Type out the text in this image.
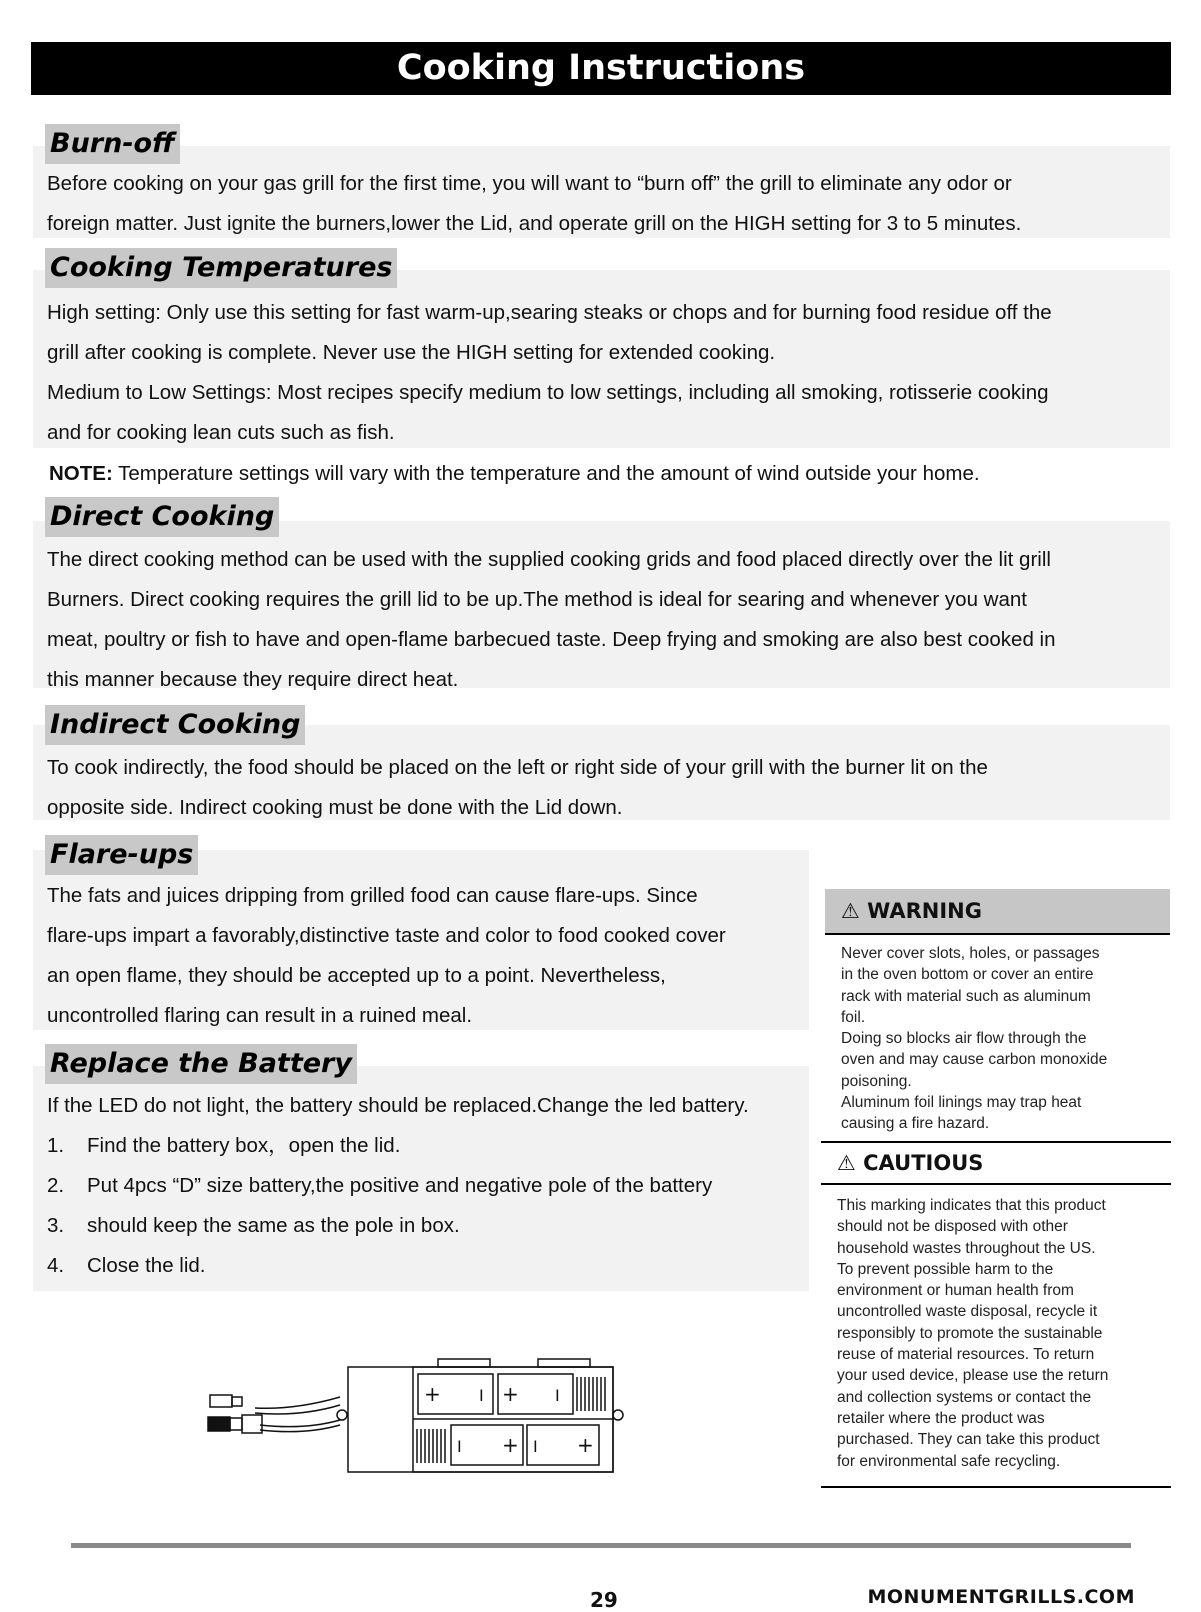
Cooking Instructions
Burn-off

Before cooking on your gas grill for the first time, you will want to “burn off” the grill to eliminate any odor or

foreign matter. Just ignite the burners,lower the Lid, and operate grill on the HIGH setting for 3 to 5 minutes.

Cooking Temperatures

High setting: Only use this setting for fast warm-up,searing steaks or chops and for burning food residue off the

grill after cooking is complete. Never use the HIGH setting for extended cooking.

Medium to Low Settings: Most recipes specify medium to low settings, including all smoking, rotisserie cooking

and for cooking lean cuts such as fish.

NOTE: Temperature settings will vary with the temperature and the amount of wind outside your home.
Direct Cooking

The direct cooking method can be used with the supplied cooking grids and food placed directly over the lit grill

Burners. Direct cooking requires the grill lid to be up.The method is ideal for searing and whenever you want

meat, poultry or fish to have and open-flame barbecued taste. Deep frying and smoking are also best cooked in

this manner because they require direct heat.

Indirect Cooking

To cook indirectly, the food should be placed on the left or right side of your grill with the burner lit on the

opposite side. Indirect cooking must be done with the Lid down.

Flare-ups

The fats and juices dripping from grilled food can cause flare-ups. Since

flare-ups impart a favorably,distinctive taste and color to food cooked cover

an open flame, they should be accepted up to a point. Nevertheless,

uncontrolled flaring can result in a ruined meal.

Replace the Battery

If the LED do not light, the battery should be replaced.Change the led battery.

1.	Find the battery box，open the lid.
2.	Put 4pcs “D” size battery,the positive and negative pole of the battery
3.	should keep the same as the pole in box.
4.	Close the lid.
⚠ WARNING

Never cover slots, holes, or passages

in the oven bottom or cover an entire

rack with material such as aluminum

foil.

Doing so blocks air flow through the

oven and may cause carbon monoxide

poisoning.

Aluminum foil linings may trap heat

causing a fire hazard.

⚠ CAUTIOUS

This marking indicates that this product

should not be disposed with other

household wastes throughout the US.

To prevent possible harm to the

environment or human health from

uncontrolled waste disposal, recycle it

responsibly to promote the sustainable

reuse of material resources. To return

your used device, please use the return

and collection systems or contact the

retailer where the product was

purchased. They can take this product

for environmental safe recycling.

+ I + I
I + I +
29	MONUMENTGRILLS.COM
